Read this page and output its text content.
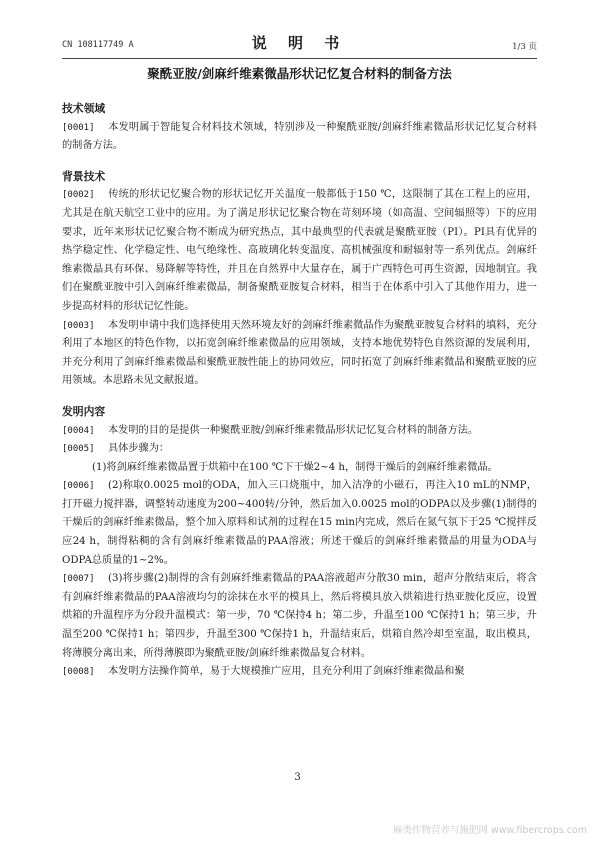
CN 108117749 A	说 明 书	1/3 页
聚酰亚胺/剑麻纤维素微晶形状记忆复合材料的制备方法
技术领域
[0001] 本发明属于智能复合材料技术领域，特别涉及一种聚酰亚胺/剑麻纤维素微晶形状记忆复合材料的制备方法。
背景技术
[0002] 传统的形状记忆聚合物的形状记忆开关温度一般都低于150 ℃，这限制了其在工程上的应用，尤其是在航天航空工业中的应用。为了满足形状记忆聚合物在苛刻环境（如高温、空间辐照等）下的应用要求，近年来形状记忆聚合物不断成为研究热点，其中最典型的代表就是聚酰亚胺（PI）。PI具有优异的热学稳定性、化学稳定性、电气绝缘性、高玻璃化转变温度、高机械强度和耐辐射等一系列优点。剑麻纤维素微晶具有环保、易降解等特性，并且在自然界中大量存在，属于广西特色可再生资源，因地制宜。我们在聚酰亚胺中引入剑麻纤维素微晶，制备聚酰亚胺复合材料，相当于在体系中引入了其他作用力，进一步提高材料的形状记忆性能。
[0003] 本发明申请中我们选择使用天然环境友好的剑麻纤维素微晶作为聚酰亚胺复合材料的填料，充分利用了本地区的特色作物，以拓宽剑麻纤维素微晶的应用领域，支持本地优势特色自然资源的发展利用，并充分利用了剑麻纤维素微晶和聚酰亚胺性能上的协同效应，同时拓宽了剑麻纤维素微晶和聚酰亚胺的应用领域。本思路未见文献报道。
发明内容
[0004] 本发明的目的是提供一种聚酰亚胺/剑麻纤维素微晶形状记忆复合材料的制备方法。
[0005] 具体步骤为：
(1)将剑麻纤维素微晶置于烘箱中在100 ℃下干燥2~4 h，制得干燥后的剑麻纤维素微晶。
[0006] (2)称取0.0025 mol的ODA，加入三口烧瓶中，加入洁净的小磁石，再注入10 mL的NMP，打开磁力搅拌器，调整转动速度为200~400转/分钟，然后加入0.0025 mol的ODPA以及步骤(1)制得的干燥后的剑麻纤维素微晶，整个加入原料和试剂的过程在15 min内完成，然后在氮气氛下于25 ℃搅拌反应24 h，制得粘稠的含有剑麻纤维素微晶的PAA溶液；所述干燥后的剑麻纤维素微晶的用量为ODA与ODPA总质量的1~2%。
[0007] (3)将步骤(2)制得的含有剑麻纤维素微晶的PAA溶液超声分散30 min，超声分散结束后，将含有剑麻纤维素微晶的PAA溶液均匀的涂抹在水平的模具上，然后将模具放入烘箱进行热亚胺化反应，设置烘箱的升温程序为分段升温模式：第一步，70 ℃保持4 h；第二步，升温至100 ℃保持1 h；第三步，升温至200 ℃保持1 h；第四步，升温至300 ℃保持1 h，升温结束后，烘箱自然冷却至室温，取出模具，将薄膜分离出来，所得薄膜即为聚酰亚胺/剑麻纤维素微晶复合材料。
[0008] 本发明方法操作简单，易于大规模推广应用，且充分利用了剑麻纤维素微晶和聚
3
麻类作物营养与施肥网 www.fibercrops.com
